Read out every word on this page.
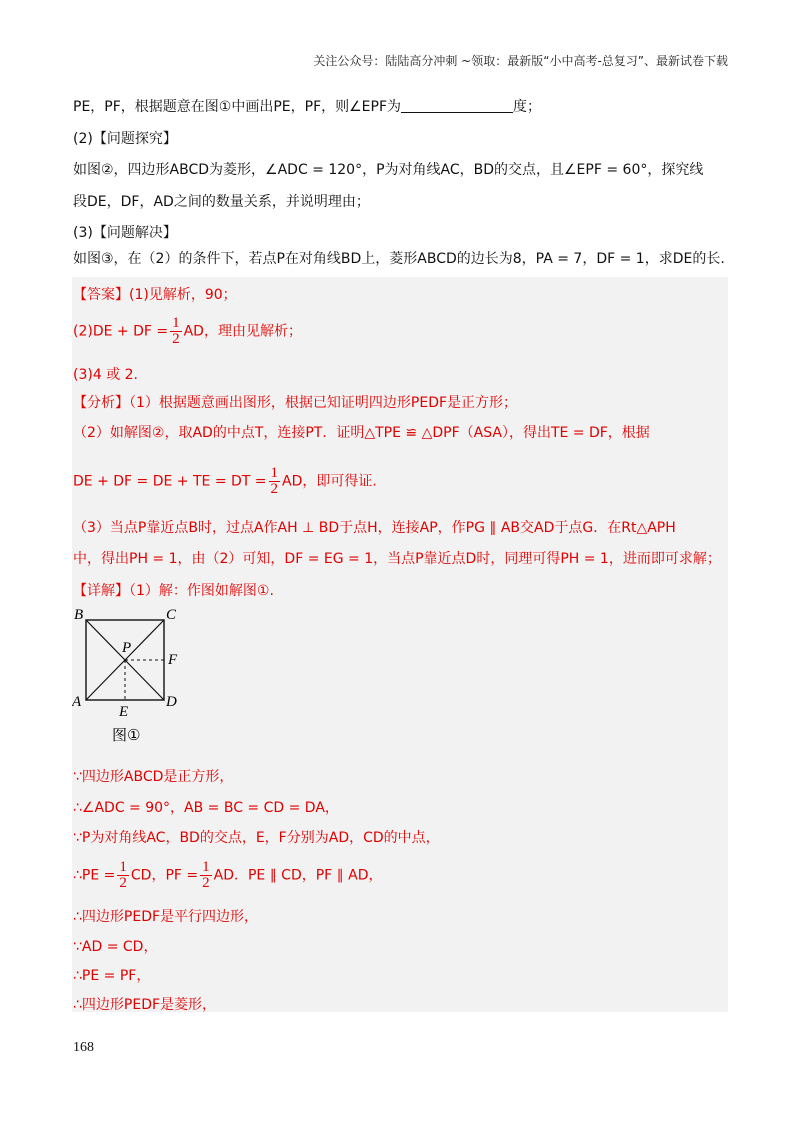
关注公众号：陆陆高分冲刺 ~领取：最新版“小中高考-总复习”、最新试卷下载
PE，PF，根据题意在图①中画出PE，PF，则∠EPF为	度；
(2)【问题探究】
如图②，四边形ABCD为菱形，∠ADC = 120°，P为对角线AC，BD的交点，且∠EPF = 60°，探究线
段DE，DF，AD之间的数量关系，并说明理由；
(3)【问题解决】
如图③，在（2）的条件下，若点P在对角线BD上，菱形ABCD的边长为8，PA = 7，DF = 1，求DE的长.
【答案】(1)见解析，90；
(2)DE + DF = $\frac{1}{2}$ AD，理由见解析；
(3)4 或 2.
【分析】（1）根据题意画出图形，根据已知证明四边形PEDF是正方形；
（2）如解图②，取AD的中点T，连接PT．证明△TPE ≌ △DPF（ASA），得出TE = DF，根据
DE + DF = DE + TE = DT = $\frac{1}{2}$ AD，即可得证.
（3）当点P靠近点B时，过点A作AH ⊥ BD于点H，连接AP，作PG ∥ AB交AD于点G．在Rt△APH
中，得出PH = 1，由（2）可知，DF = EG = 1，当点P靠近点D时，同理可得PH = 1，进而即可求解；
【详解】（1）解：作图如解图①.
B	C
P
F
A	D
E
图①
∵四边形ABCD是正方形，
∴∠ADC = 90°，AB = BC = CD = DA，
∵P为对角线AC，BD的交点，E，F分别为AD，CD的中点，
∴PE = $\frac{1}{2}$ CD，PF = $\frac{1}{2}$ AD．PE ∥ CD，PF ∥ AD，
∴四边形PEDF是平行四边形，
∵AD = CD，
∴PE = PF，
∴四边形PEDF是菱形，
168
